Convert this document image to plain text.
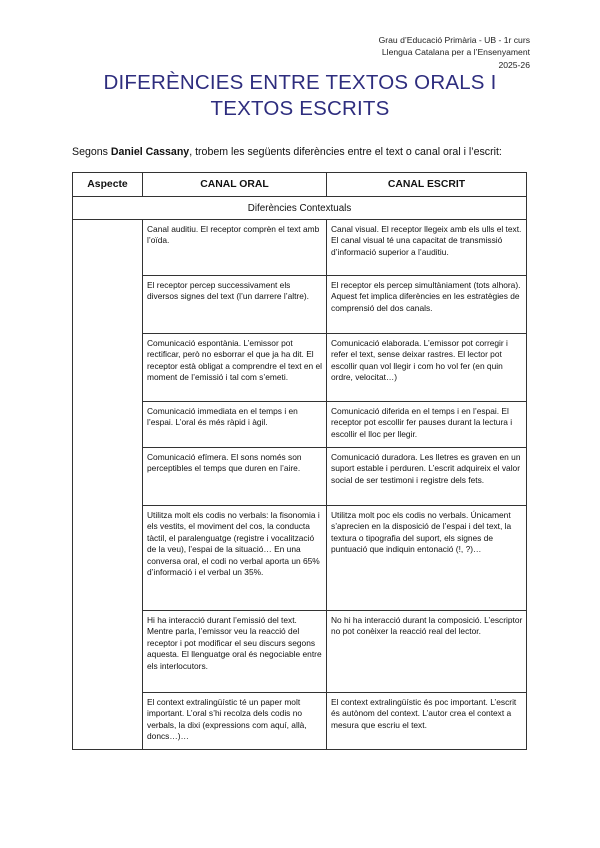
Grau d’Educació Primària - UB - 1r curs
Llengua Catalana per a l’Ensenyament
2025-26
DIFERÈNCIES ENTRE TEXTOS ORALS I
TEXTOS ESCRITS
Segons Daniel Cassany, trobem les següents diferències entre el text o canal oral i l’escrit:
Aspecte	CANAL ORAL	CANAL ESCRIT
Diferències Contextuals		
	Canal auditiu. El receptor comprèn el text amb l’oïda.	Canal visual. El receptor llegeix amb els ulls el text. El canal visual té una capacitat de transmissió d’informació superior a l’auditiu.
	El receptor percep successivament els diversos signes del text (l’un darrere l’altre).	El receptor els percep simultàniament (tots alhora). Aquest fet implica diferències en les estratègies de comprensió del dos canals.
	Comunicació espontània. L’emissor pot rectificar, però no esborrar el que ja ha dit. El receptor està obligat a comprendre el text en el moment de l’emissió i tal com s’emeti.	Comunicació elaborada. L’emissor pot corregir i refer el text, sense deixar rastres. El lector pot escollir quan vol llegir i com ho vol fer (en quin ordre, velocitat…)
	Comunicació immediata en el temps i en l’espai. L’oral és més ràpid i àgil.	Comunicació diferida en el temps i en l’espai. El receptor pot escollir fer pauses durant la lectura i escollir el lloc per llegir.
	Comunicació efímera. El sons només son perceptibles el temps que duren en l’aire.	Comunicació duradora. Les lletres es graven en un suport estable i perduren. L’escrit adquireix el valor social de ser testimoni i registre dels fets.
	Utilitza molt els codis no verbals: la fisonomia i els vestits, el moviment del cos, la conducta tàctil, el paralenguatge (registre i vocalització de la veu), l’espai de la situació… En una conversa oral, el codi no verbal aporta un 65% d’informació i el verbal un 35%.	Utilitza molt poc els codis no verbals. Únicament s’aprecien en la disposició de l’espai i del text, la textura o tipografia del suport, els signes de puntuació que indiquin entonació (!, ?)…
	Hi ha interacció durant l’emissió del text. Mentre parla, l’emissor veu la reacció del receptor i pot modificar el seu discurs segons aquesta. El llenguatge oral és negociable entre els interlocutors.	No hi ha interacció durant la composició. L’escriptor no pot conèixer la reacció real del lector.
	El context extralingüístic té un paper molt important. L’oral s’hi recolza dels codis no verbals, la dixi (expressions com aquí, allà, doncs…)…	El context extralingüístic és poc important. L’escrit és autònom del context. L’autor crea el context a mesura que escriu el text.
